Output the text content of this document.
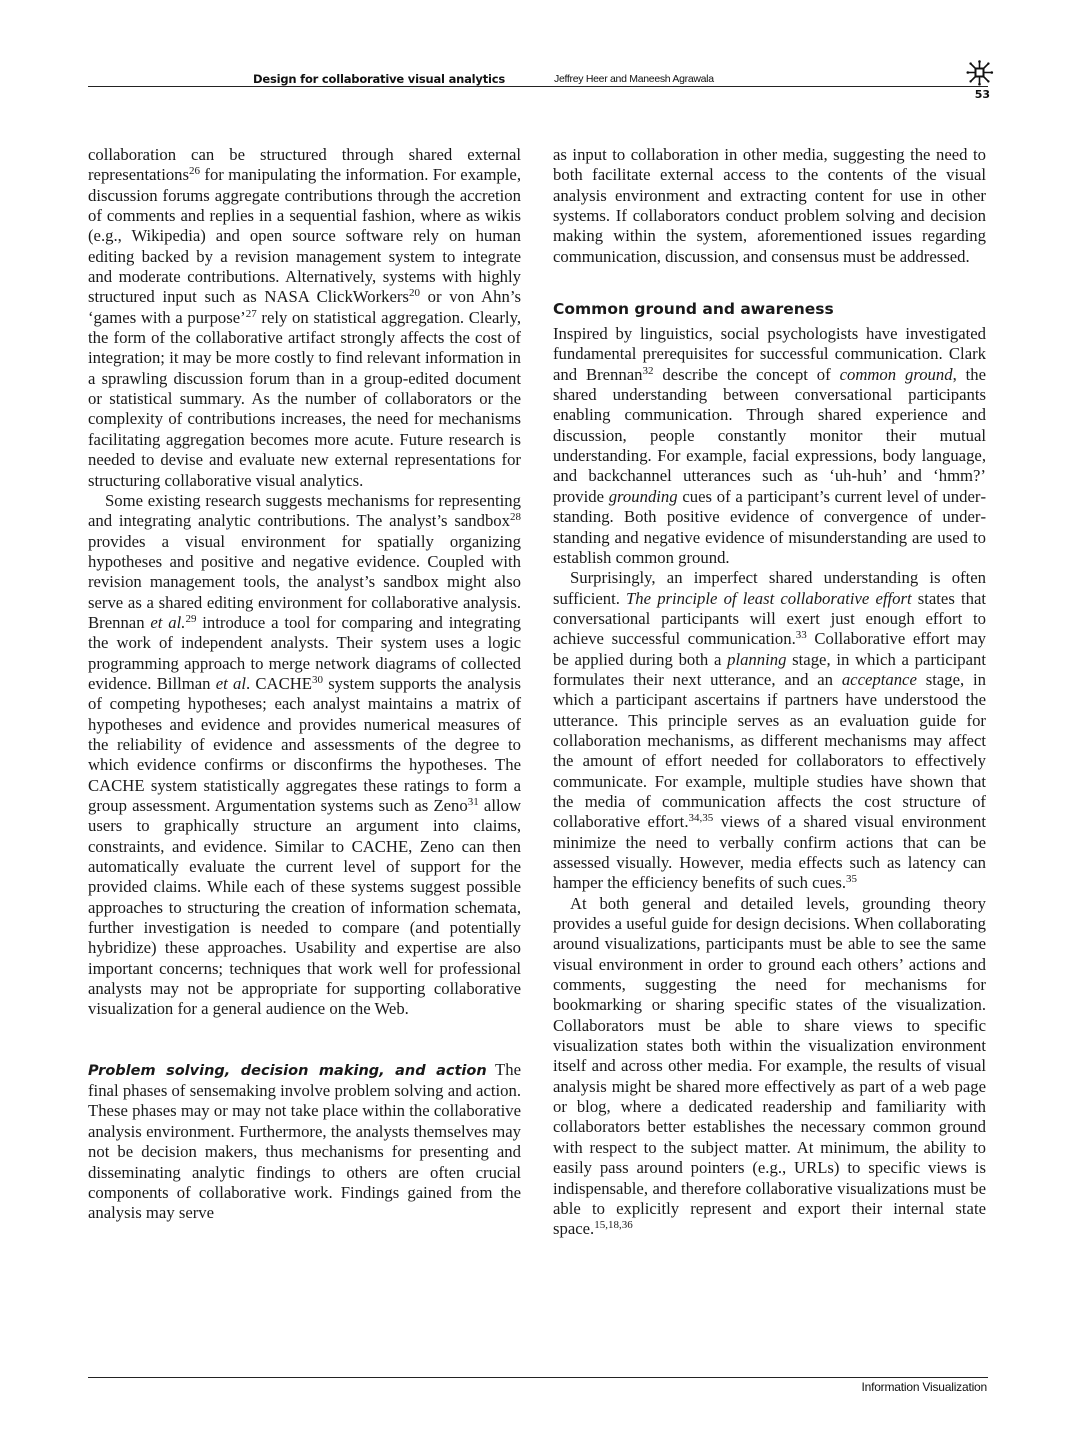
Design for collaborative visual analytics	Jeffrey Heer and Maneesh Agrawala
53

collaboration can be structured through shared external representations$^{26}$ for manipulating the information. For example, discussion forums aggregate contributions through the accretion of comments and replies in a sequential fashion, where as wikis (e.g., Wikipedia) and open source software rely on human editing backed by a revision management system to integrate and moderate contributions. Alternatively, systems with highly structured input such as NASA ClickWorkers$^{20}$ or von Ahn’s ‘games with a purpose’$^{27}$ rely on statistical aggregation. Clearly, the form of the collaborative artifact strongly affects the cost of integration; it may be more costly to find relevant information in a sprawling discussion forum than in a group-edited document or statistical summary. As the number of collaborators or the complexity of contributions increases, the need for mechanisms facilitating aggregation becomes more acute. Future research is needed to devise and evaluate new external representations for structuring collaborative visual analytics.

Some existing research suggests mechanisms for representing and integrating analytic contributions. The analyst’s sandbox$^{28}$ provides a visual environment for spatially organizing hypotheses and positive and negative evidence. Coupled with revision management tools, the analyst’s sandbox might also serve as a shared editing environment for collaborative analysis. Brennan et al.$^{29}$ introduce a tool for comparing and integrating the work of independent analysts. Their system uses a logic programming approach to merge network diagrams of collected evidence. Billman et al. CACHE$^{30}$ system supports the analysis of competing hypotheses; each analyst maintains a matrix of hypotheses and evidence and provides numerical measures of the reliability of evidence and assessments of the degree to which evidence confirms or disconfirms the hypotheses. The CACHE system statistically aggregates these ratings to form a group assessment. Argumentation systems such as Zeno$^{31}$ allow users to graphically structure an argument into claims, constraints, and evidence. Similar to CACHE, Zeno can then automatically evaluate the current level of support for the provided claims. While each of these systems suggest possible approaches to structuring the creation of information schemata, further investigation is needed to compare (and potentially hybridize) these approaches. Usability and expertise are also important concerns; techniques that work well for professional analysts may not be appropriate for supporting collaborative visualization for a general audience on the Web.

Problem solving, decision making, and action The final phases of sensemaking involve problem solving and action. These phases may or may not take place within the collaborative analysis environment. Furthermore, the analysts themselves may not be decision makers, thus mechanisms for presenting and disseminating analytic findings to others are often crucial components of collaborative work. Findings gained from the analysis may serve

as input to collaboration in other media, suggesting the need to both facilitate external access to the contents of the visual analysis environment and extracting content for use in other systems. If collaborators conduct problem solving and decision making within the system, aforementioned issues regarding communication, discussion, and consensus must be addressed.

Common ground and awareness

Inspired by linguistics, social psychologists have investigated fundamental prerequisites for successful communication. Clark and Brennan$^{32}$ describe the concept of common ground, the shared understanding between conversational participants enabling communication. Through shared experience and discussion, people constantly monitor their mutual understanding. For example, facial expressions, body language, and backchannel utterances such as ‘uh-huh’ and ‘hmm?’ provide grounding cues of a participant’s current level of understanding. Both positive evidence of convergence of understanding and negative evidence of misunderstanding are used to establish common ground.

Surprisingly, an imperfect shared understanding is often sufficient. The principle of least collaborative effort states that conversational participants will exert just enough effort to achieve successful communication.$^{33}$ Collaborative effort may be applied during both a planning stage, in which a participant formulates their next utterance, and an acceptance stage, in which a participant ascertains if partners have understood the utterance. This principle serves as an evaluation guide for collaboration mechanisms, as different mechanisms may affect the amount of effort needed for collaborators to effectively communicate. For example, multiple studies have shown that the media of communication affects the cost structure of collaborative effort.$^{34,35}$ views of a shared visual environment minimize the need to verbally confirm actions that can be assessed visually. However, media effects such as latency can hamper the efficiency benefits of such cues.$^{35}$

At both general and detailed levels, grounding theory provides a useful guide for design decisions. When collaborating around visualizations, participants must be able to see the same visual environment in order to ground each others’ actions and comments, suggesting the need for mechanisms for bookmarking or sharing specific states of the visualization. Collaborators must be able to share views to specific visualization states both within the visualization environment itself and across other media. For example, the results of visual analysis might be shared more effectively as part of a web page or blog, where a dedicated readership and familiarity with collaborators better establishes the necessary common ground with respect to the subject matter. At minimum, the ability to easily pass around pointers (e.g., URLs) to specific views is indispensable, and therefore collaborative visualizations must be able to explicitly represent and export their internal state space.$^{15,18,36}$

Information Visualization
